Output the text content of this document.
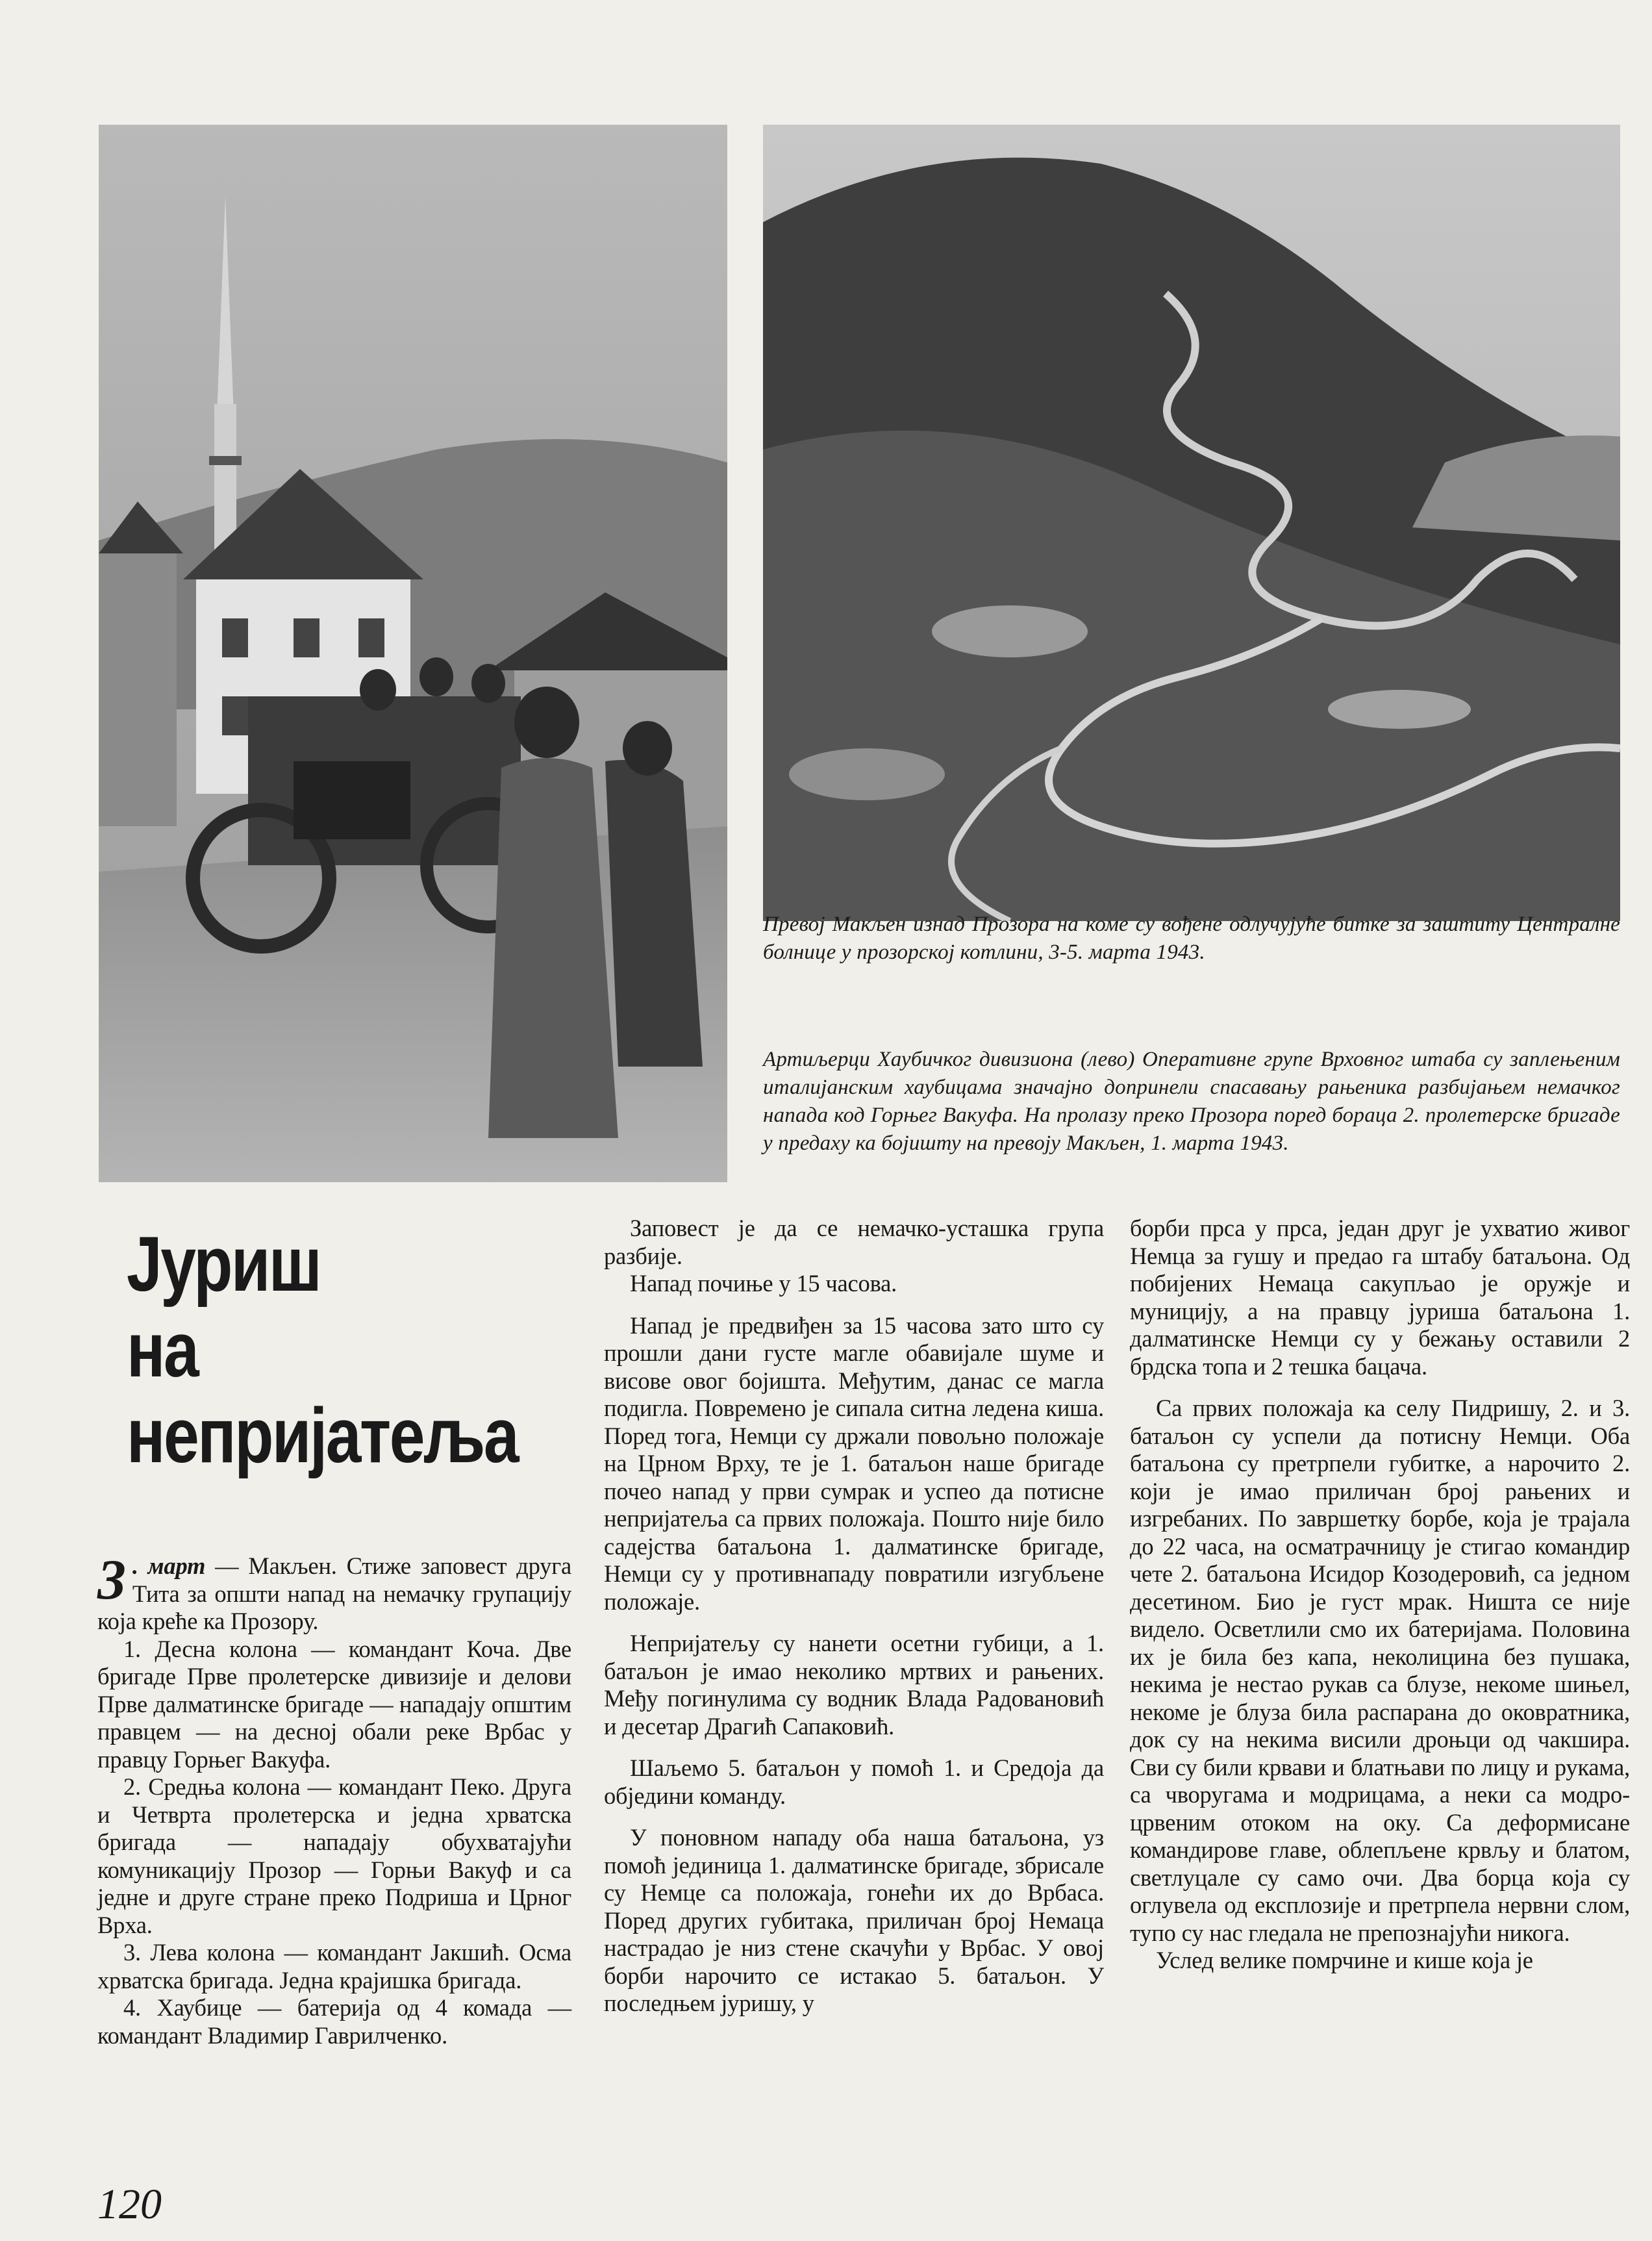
Превој Макљен изнад Прозора на коме су вођене одлучујуће битке за заштиту Централне болнице у прозорској котлини, 3-5. марта 1943.
Артиљерци Хаубичког дивизиона (лево) Оперативне групе Врховног штаба су заплењеним италијанским хаубицама значајно допринели спасавању рањеника разбијањем немачког напада код Горњег Вакуфа. На пролазу преко Прозора поред бораца 2. пролетерске бригаде у предаху ка бојишту на превоју Макљен, 1. марта 1943.
Јуриш
на
непријатеља

3 . март — Макљен. Стиже заповест друга Тита за општи напад на немачку групацију која креће ка Прозору.

1. Десна колона — командант Коча. Две бригаде Прве пролетерске дивизије и делови Прве далматинске бригаде — нападају општим правцем — на десној обали реке Врбас у правцу Горњег Вакуфа.

2. Средња колона — командант Пеко. Друга и Четврта пролетерска и једна хрватска бригада — нападају обухватајући комуникацију Прозор — Горњи Вакуф и са једне и друге стране преко Подриша и Црног Врха.

3. Лева колона — командант Јакшић. Осма хрватска бригада. Једна крајишка бригада.

4. Хаубице — батерија од 4 комада — командант Владимир Гаврилченко.

Заповест је да се немачко-усташка група разбије.

Напад почиње у 15 часова.

Напад је предвиђен за 15 часова зато што су прошли дани густе магле обавијале шуме и висове овог бојишта. Међутим, данас се магла подигла. Повремено је сипала ситна ледена киша. Поред тога, Немци су држали повољно положаје на Црном Врху, те је 1. батаљон наше бригаде почео напад у први сумрак и успео да потисне непријатеља са првих положаја. Пошто није било садејства батаљона 1. далматинске бригаде, Немци су у противнападу повратили изгубљене положаје.

Непријатељу су нанети осетни губици, а 1. батаљон је имао неколико мртвих и рањених. Међу погинулима су водник Влада Радовановић и десетар Драгић Сапаковић.

Шаљемо 5. батаљон у помоћ 1. и Средоја да обједини команду.

У поновном нападу оба наша батаљона, уз помоћ јединица 1. далматинске бригаде, збрисале су Немце са положаја, гонећи их до Врбаса. Поред других губитака, приличан број Немаца настрадао је низ стене скачући у Врбас. У овој борби нарочито се истакао 5. батаљон. У последњем јуришу, у

борби прса у прса, један друг је ухватио живог Немца за гушу и предао га штабу батаљона. Од побијених Немаца сакупљао је оружје и муницију, а на правцу јуриша батаљона 1. далматинске Немци су у бежању оставили 2 брдска топа и 2 тешка бацача.

Са првих положаја ка селу Пидришу, 2. и 3. батаљон су успели да потисну Немци. Оба батаљона су претрпели губитке, а нарочито 2. који је имао приличан број рањених и изгребаних. По завршетку борбе, која је трајала до 22 часа, на осматрачницу је стигао командир чете 2. батаљона Исидор Козодеровић, са једном десетином. Био је густ мрак. Ништа се није видело. Осветлили смо их батеријама. Половина их је била без капа, неколицина без пушака, некима је нестао рукав са блузе, некоме шињел, некоме је блуза била распарана до оковратника, док су на некима висили дроњци од чакшира. Сви су били крвави и блатњави по лицу и рукама, са чворугама и модрицама, а неки са модро-црвеним отоком на оку. Са деформисане командирове главе, облепљене крвљу и блатом, светлуцале су само очи. Два борца која су оглувела од експлозије и претрпела нервни слом, тупо су нас гледала не препознајући никога.

Услед велике помрчине и кише која је

120
